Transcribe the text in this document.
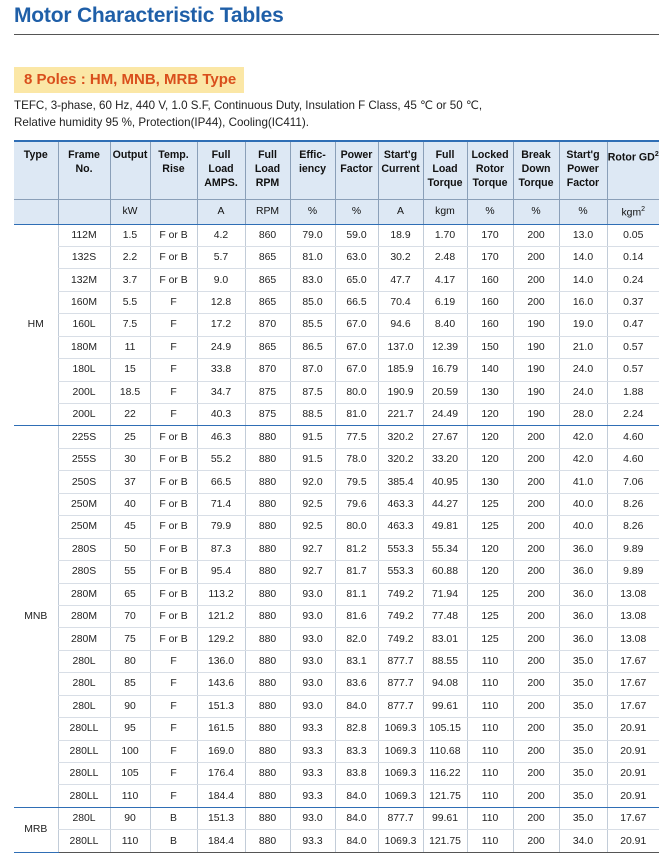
Motor Characteristic Tables
8 Poles : HM, MNB, MRB Type
TEFC, 3-phase, 60 Hz, 440 V, 1.0 S.F, Continuous Duty, Insulation F Class, 45 ℃ or 50 ℃,
Relative humidity 95 %, Protection(IP44), Cooling(IC411).
Type	Frame No.	Output	Temp. Rise	Full Load AMPS.	Full Load RPM	Effic- iency	Power Factor	Start'g Current	Full Load Torque	Locked Rotor Torque	Break Down Torque	Start'g Power Factor	Rotor $GD^2$
		kW		A	RPM	%	%	A	kgm	%	%	%	kgm$^2$
HM	112M	1.5	F or B	4.2	860	79.0	59.0	18.9	1.70	170	200	13.0	0.05
	132S	2.2	F or B	5.7	865	81.0	63.0	30.2	2.48	170	200	14.0	0.14
	132M	3.7	F or B	9.0	865	83.0	65.0	47.7	4.17	160	200	14.0	0.24
	160M	5.5	F	12.8	865	85.0	66.5	70.4	6.19	160	200	16.0	0.37
	160L	7.5	F	17.2	870	85.5	67.0	94.6	8.40	160	190	19.0	0.47
	180M	11	F	24.9	865	86.5	67.0	137.0	12.39	150	190	21.0	0.57
	180L	15	F	33.8	870	87.0	67.0	185.9	16.79	140	190	24.0	0.57
	200L	18.5	F	34.7	875	87.5	80.0	190.9	20.59	130	190	24.0	1.88
	200L	22	F	40.3	875	88.5	81.0	221.7	24.49	120	190	28.0	2.24
MNB	225S	25	F or B	46.3	880	91.5	77.5	320.2	27.67	120	200	42.0	4.60
	255S	30	F or B	55.2	880	91.5	78.0	320.2	33.20	120	200	42.0	4.60
	250S	37	F or B	66.5	880	92.0	79.5	385.4	40.95	130	200	41.0	7.06
	250M	40	F or B	71.4	880	92.5	79.6	463.3	44.27	125	200	40.0	8.26
	250M	45	F or B	79.9	880	92.5	80.0	463.3	49.81	125	200	40.0	8.26
	280S	50	F or B	87.3	880	92.7	81.2	553.3	55.34	120	200	36.0	9.89
	280S	55	F or B	95.4	880	92.7	81.7	553.3	60.88	120	200	36.0	9.89
	280M	65	F or B	113.2	880	93.0	81.1	749.2	71.94	125	200	36.0	13.08
	280M	70	F or B	121.2	880	93.0	81.6	749.2	77.48	125	200	36.0	13.08
	280M	75	F or B	129.2	880	93.0	82.0	749.2	83.01	125	200	36.0	13.08
	280L	80	F	136.0	880	93.0	83.1	877.7	88.55	110	200	35.0	17.67
	280L	85	F	143.6	880	93.0	83.6	877.7	94.08	110	200	35.0	17.67
	280L	90	F	151.3	880	93.0	84.0	877.7	99.61	110	200	35.0	17.67
	280LL	95	F	161.5	880	93.3	82.8	1069.3	105.15	110	200	35.0	20.91
	280LL	100	F	169.0	880	93.3	83.3	1069.3	110.68	110	200	35.0	20.91
	280LL	105	F	176.4	880	93.3	83.8	1069.3	116.22	110	200	35.0	20.91
	280LL	110	F	184.4	880	93.3	84.0	1069.3	121.75	110	200	35.0	20.91
MRB	280L	90	B	151.3	880	93.0	84.0	877.7	99.61	110	200	35.0	17.67
	280LL	110	B	184.4	880	93.3	84.0	1069.3	121.75	110	200	34.0	20.91
